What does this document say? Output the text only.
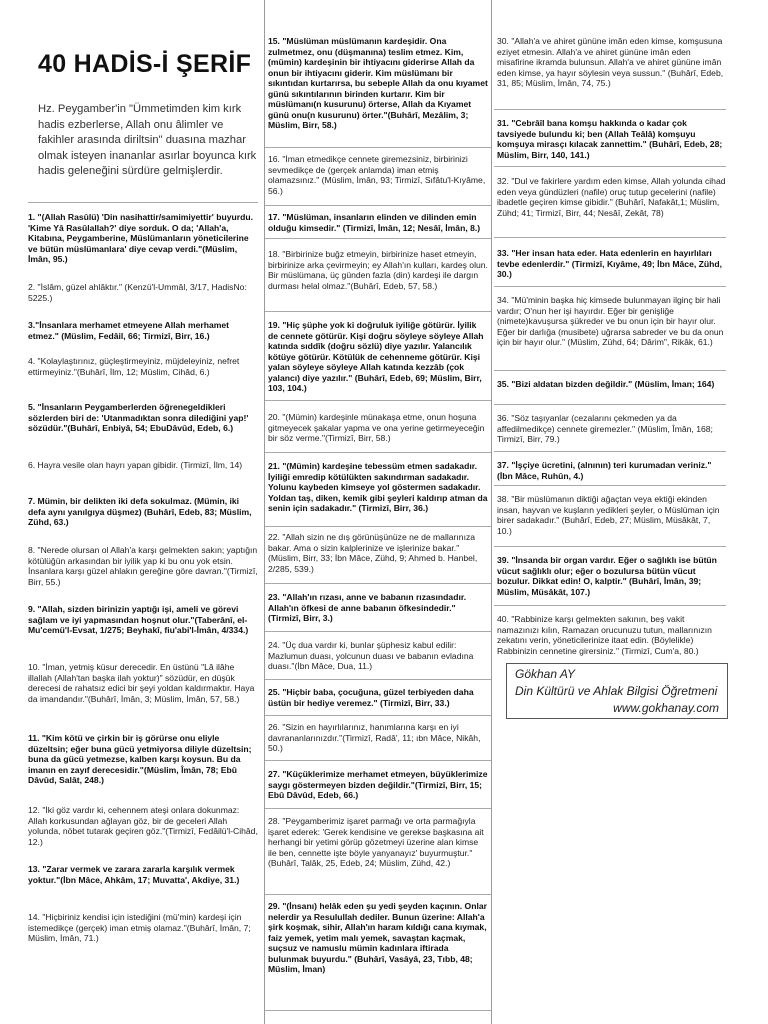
40 HADİS-İ ŞERİF
Hz. Peygamber'in "Ümmetimden kim kırk hadis ezberlerse, Allah onu âlimler ve fakihler arasında diriltsin" duasına mazhar olmak isteyen inananlar asırlar boyunca kırk hadis geleneğini sürdüre gelmişlerdir.
1. "(Allah Rasûlü) 'Din nasihattir/samimiyettir' buyurdu. 'Kime Yâ Rasûlallah?' diye sorduk. O da; 'Allah'a, Kitabına, Peygamberine, Müslümanların yöneticilerine ve bütün müslümanlara' diye cevap verdi."(Müslim, İmân, 95.)
2. "İslâm, güzel ahlâktır." (Kenzü'l-Ummâl, 3/17, HadisNo: 5225.)
3."İnsanlara merhamet etmeyene Allah merhamet etmez." (Müslim, Fedâil, 66; Tirmizî, Birr, 16.)
4. "Kolaylaştırınız, güçleştirmeyiniz, müjdeleyiniz, nefret ettirmeyiniz."(Buhârî, İlm, 12; Müslim, Cihâd, 6.)
5. "İnsanların Peygamberlerden öğrenegeldikleri sözlerden biri de: 'Utanmadıktan sonra dilediğini yap!' sözüdür."(Buhârî, Enbiyâ, 54; EbuDâvûd, Edeb, 6.)
6. Hayra vesile olan hayrı yapan gibidir. (Tirmizî, İlm, 14)
7. Mümin, bir delikten iki defa sokulmaz. (Mümin, iki defa aynı yanılgıya düşmez) (Buhârî, Edeb, 83; Müslim, Zühd, 63.)
8. "Nerede olursan ol Allah'a karşı gelmekten sakın; yaptığın kötülüğün arkasından bir iyilik yap ki bu onu yok etsin. İnsanlara karşı güzel ahlakın gereğine göre davran."(Tirmizî, Birr, 55.)
9. "Allah, sizden birinizin yaptığı işi, ameli ve görevi sağlam ve iyi yapmasından hoşnut olur."(Taberânî, el-Mu'cemü'l-Evsat, 1/275; Beyhakî, fiu'abi'l-İmân, 4/334.)
10. "İman, yetmiş küsur derecedir. En üstünü "Lâ ilâhe illallah (Allah'tan başka ilah yoktur)" sözüdür, en düşük derecesi de rahatsız edici bir şeyi yoldan kaldırmaktır. Haya da imandandır."(Buhârî, İmân, 3; Müslim, İmân, 57, 58.)
11. "Kim kötü ve çirkin bir iş görürse onu eliyle düzeltsin; eğer buna gücü yetmiyorsa diliyle düzeltsin; buna da gücü yetmezse, kalben karşı koysun. Bu da imanın en zayıf derecesidir."(Müslim, Îmân, 78; Ebû Dâvûd, Salât, 248.)
12. "İki göz vardır ki, cehennem ateşi onlara dokunmaz: Allah korkusundan ağlayan göz, bir de geceleri Allah yolunda, nöbet tutarak geçiren göz."(Tirmizî, Fedâilü'l-Cihâd, 12.)
13. "Zarar vermek ve zarara zararla karşılık vermek yoktur."(İbn Mâce, Ahkâm, 17; Muvatta', Akdiye, 31.)
14. "Hiçbiriniz kendisi için istediğini (mü'min) kardeşi için istemedikçe (gerçek) iman etmiş olamaz."(Buhârî, İmân, 7; Müslim, İmân, 71.)
15. "Müslüman müslümanın kardeşidir. Ona zulmetmez, onu (düşmanına) teslim etmez. Kim, (mümin) kardeşinin bir ihtiyacını giderirse Allah da onun bir ihtiyacını giderir. Kim müslümanı bir sıkıntıdan kurtarırsa, bu sebeple Allah da onu kıyamet günü sıkıntılarının birinden kurtarır. Kim bir müslümanı(n kusurunu) örterse, Allah da Kıyamet günü onu(n kusurunu) örter."(Buhârî, Mezâlim, 3; Müslim, Birr, 58.)
16. "İman etmedikçe cennete giremezsiniz, birbirinizi sevmedikçe de (gerçek anlamda) iman etmiş olamazsınız." (Müslim, İmân, 93; Tirmizî, Sıfâtu'l-Kıyâme, 56.)
17. "Müslüman, insanların elinden ve dilinden emin olduğu kimsedir." (Tirmizî, İmân, 12; Nesâî, İmân, 8.)
18. "Birbirinize buğz etmeyin, birbirinize haset etmeyin, birbirinize arka çevirmeyin; ey Allah'ın kulları, kardeş olun. Bir müslümana, üç günden fazla (din) kardeşi ile dargın durması helal olmaz."(Buhârî, Edeb, 57, 58.)
19. "Hiç şüphe yok ki doğruluk iyiliğe götürür. İyilik de cennete götürür. Kişi doğru söyleye söyleye Allah katında sıddîk (doğru sözlü) diye yazılır. Yalancılık kötüye götürür. Kötülük de cehenneme götürür. Kişi yalan söyleye söyleye Allah katında kezzâb (çok yalancı) diye yazılır." (Buhârî, Edeb, 69; Müslim, Birr, 103, 104.)
20. "(Mümin) kardeşinle münakaşa etme, onun hoşuna gitmeyecek şakalar yapma ve ona yerine getirmeyeceğin bir söz verme."(Tirmizî, Birr, 58.)
21. "(Mümin) kardeşine tebessüm etmen sadakadır. İyiliği emredip kötülükten sakındırman sadakadır. Yolunu kaybeden kimseye yol göstermen sadakadır. Yoldan taş, diken, kemik gibi şeyleri kaldırıp atman da senin için sadakadır." (Tirmizî, Birr, 36.)
22. "Allah sizin ne dış görünüşünüze ne de mallarınıza bakar. Ama o sizin kalplerinize ve işlerinize bakar." (Müslim, Birr, 33; İbn Mâce, Zühd, 9; Ahmed b. Hanbel, 2/285, 539.)
23. "Allah'ın rızası, anne ve babanın rızasındadır. Allah'ın öfkesi de anne babanın öfkesindedir."(Tirmizî, Birr, 3.)
24. "Üç dua vardır ki, bunlar şüphesiz kabul edilir: Mazlumun duası, yolcunun duası ve babanın evladına duası."(İbn Mâce, Dua, 11.)
25. "Hiçbir baba, çocuğuna, güzel terbiyeden daha üstün bir hediye veremez." (Tirmizî, Birr, 33.)
26. "Sizin en hayırlılarınız, hanımlarına karşı en iyi davrananlarınızdır."(Tirmizî, Radâ', 11; ıbn Mâce, Nikâh, 50.)
27. "Küçüklerimize merhamet etmeyen, büyüklerimize saygı göstermeyen bizden değildir."(Tirmizî, Birr, 15; Ebû Dâvûd, Edeb, 66.)
28. "Peygamberimiz işaret parmağı ve orta parmağıyla işaret ederek: 'Gerek kendisine ve gerekse başkasına ait herhangi bir yetimi görüp gözetmeyi üzerine alan kimse ile ben, cennette işte böyle yanyanayız' buyurmuştur." (Buhârî, Talâk, 25, Edeb, 24; Müslim, Zühd, 42.)
29. "(İnsanı) helâk eden şu yedi şeyden kaçının. Onlar nelerdir ya Resulullah dediler. Bunun üzerine: Allah'a şirk koşmak, sihir, Allah'ın haram kıldığı cana kıymak, faiz yemek, yetim malı yemek, savaştan kaçmak, suçsuz ve namuslu mümin kadınlara iftirada bulunmak buyurdu." (Buhârî, Vasâyâ, 23, Tıbb, 48; Müslim, İman)
30. "Allah'a ve ahiret gününe imân eden kimse, komşusuna eziyet etmesin. Allah'a ve ahiret gününe imân eden misafirine ikramda bulunsun. Allah'a ve ahiret gününe imân eden kimse, ya hayır söylesin veya sussun." (Buhârî, Edeb, 31, 85; Müslim, İmân, 74, 75.)
31. "Cebrâîl bana komşu hakkında o kadar çok tavsiyede bulundu ki; ben (Allah Teâlâ) komşuyu komşuya mirasçı kılacak zannettim." (Buhârî, Edeb, 28; Müslim, Birr, 140, 141.)
32. "Dul ve fakirlere yardım eden kimse, Allah yolunda cihad eden veya gündüzleri (nafile) oruç tutup gecelerini (nafile) ibadetle geçiren kimse gibidir." (Buhârî, Nafakât,1; Müslim, Zühd; 41; Tirmizî, Birr, 44; Nesâî, Zekât, 78)
33. "Her insan hata eder. Hata edenlerin en hayırlıları tevbe edenlerdir." (Tirmizî, Kıyâme, 49; İbn Mâce, Zühd, 30.)
34. "Mü'minin başka hiç kimsede bulunmayan ilginç bir hali vardır; O'nun her işi hayırdır. Eğer bir genişliğe (nimete)kavuşursa şükreder ve bu onun için bir hayır olur. Eğer bir darlığa (musibete) uğrarsa sabreder ve bu da onun için bir hayır olur." (Müslim, Zühd, 64; Dârim", Rikâk, 61.)
35. "Bizi aldatan bizden değildir." (Müslim, İman; 164)
36. "Söz taşıyanlar (cezalarını çekmeden ya da affedilmedikçe) cennete giremezler." (Müslim, Îmân, 168; Tirmizî, Birr, 79.)
37. "İşçiye ücretini, (alnının) teri kurumadan veriniz." (İbn Mâce, Ruhûn, 4.)
38. "Bir müslümanın diktiği ağaçtan veya ektiği ekinden insan, hayvan ve kuşların yedikleri şeyler, o Müslüman için birer sadakadır." (Buhârî, Edeb, 27; Müslim, Müsâkât, 7, 10.)
39. "İnsanda bir organ vardır. Eğer o sağlıklı ise bütün vücut sağlıklı olur; eğer o bozulursa bütün vücut bozulur. Dikkat edin! O, kalptir." (Buhârî, İmân, 39; Müslim, Müsâkât, 107.)
40. "Rabbinize karşı gelmekten sakının, beş vakit namazınızı kılın, Ramazan orucunuzu tutun, mallarınızın zekatını verin, yöneticilerinize itaat edin. (Böylelikle) Rabbinizin cennetine girersiniz." (Tirmizî, Cum'a, 80.)
Gökhan AY
Din Kültürü ve Ahlak Bilgisi Öğretmeni
www.gokhanay.com
